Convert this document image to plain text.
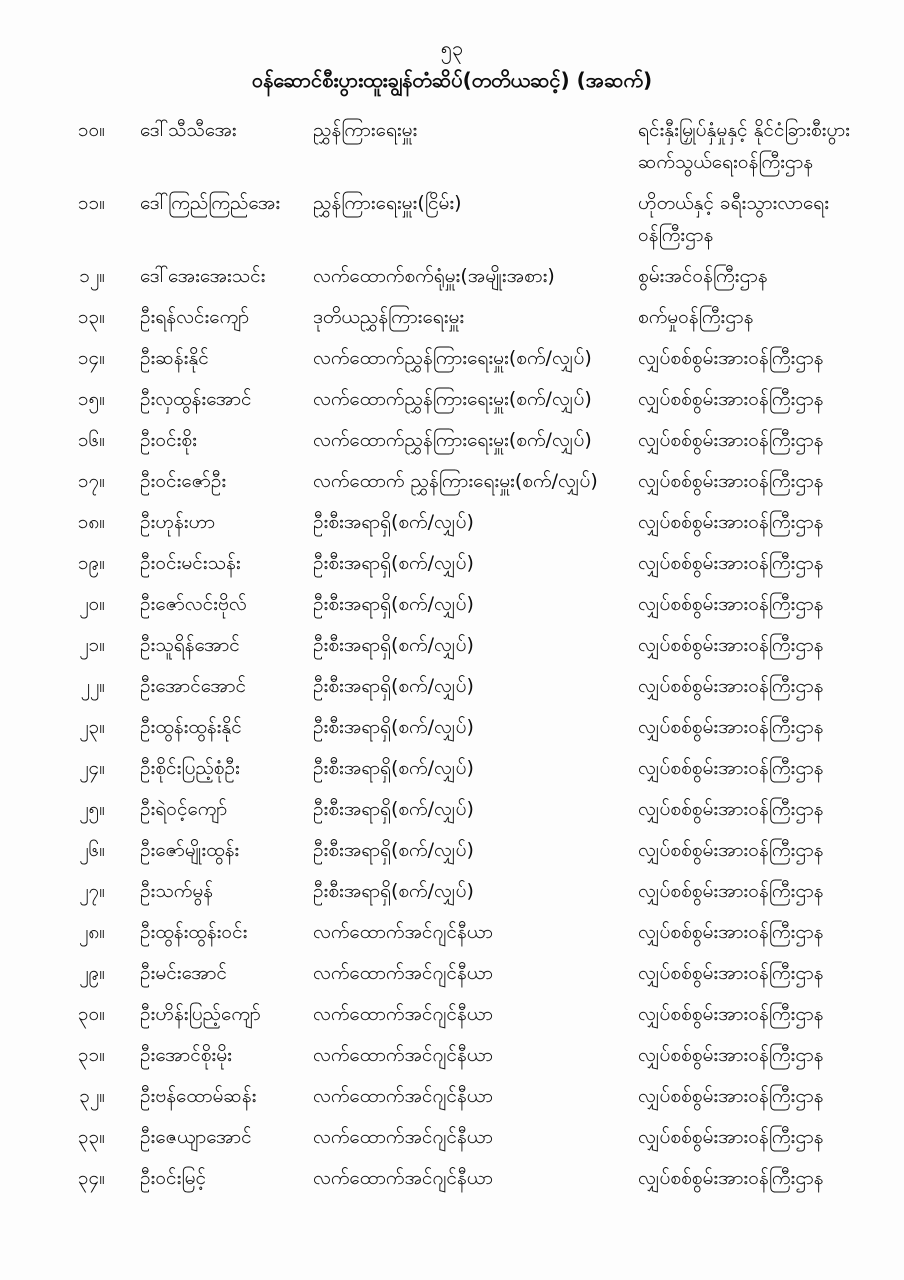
၅၃
ဝန်ဆောင်စီးပွားထူးချွန်တံဆိပ်(တတိယဆင့်) (အဆက်)
၁၀။	ဒေါ်သီသီအေး	ညွှန်ကြားရေးမှူး	ရင်းနှီးမြှုပ်နှံမှုနှင့် နိုင်ငံခြားစီးပွား
ဆက်သွယ်ရေးဝန်ကြီးဌာန
၁၁။	ဒေါ်ကြည်ကြည်အေး	ညွှန်ကြားရေးမှူး(ငြိမ်း)	ဟိုတယ်နှင့် ခရီးသွားလာရေး
ဝန်ကြီးဌာန
၁၂။	ဒေါ်အေးအေးသင်း	လက်ထောက်စက်ရုံမှူး(အမျိုးအစား)	စွမ်းအင်ဝန်ကြီးဌာန
၁၃။	ဦးရန်လင်းကျော်	ဒုတိယညွှန်ကြားရေးမှူး	စက်မှုဝန်ကြီးဌာန
၁၄။	ဦးဆန်းနိုင်	လက်ထောက်ညွှန်ကြားရေးမှူး(စက်/လျှပ်)	လျှပ်စစ်စွမ်းအားဝန်ကြီးဌာန
၁၅။	ဦးလှထွန်းအောင်	လက်ထောက်ညွှန်ကြားရေးမှူး(စက်/လျှပ်)	လျှပ်စစ်စွမ်းအားဝန်ကြီးဌာန
၁၆။	ဦးဝင်းစိုး	လက်ထောက်ညွှန်ကြားရေးမှူး(စက်/လျှပ်)	လျှပ်စစ်စွမ်းအားဝန်ကြီးဌာန
၁၇။	ဦးဝင်းဇော်ဦး	လက်ထောက် ညွှန်ကြားရေးမှူး(စက်/လျှပ်)	လျှပ်စစ်စွမ်းအားဝန်ကြီးဌာန
၁၈။	ဦးဟုန်းဟာ	ဦးစီးအရာရှိ(စက်/လျှပ်)	လျှပ်စစ်စွမ်းအားဝန်ကြီးဌာန
၁၉။	ဦးဝင်းမင်းသန်း	ဦးစီးအရာရှိ(စက်/လျှပ်)	လျှပ်စစ်စွမ်းအားဝန်ကြီးဌာန
၂၀။	ဦးဇော်လင်းဗိုလ်	ဦးစီးအရာရှိ(စက်/လျှပ်)	လျှပ်စစ်စွမ်းအားဝန်ကြီးဌာန
၂၁။	ဦးသူရိန်အောင်	ဦးစီးအရာရှိ(စက်/လျှပ်)	လျှပ်စစ်စွမ်းအားဝန်ကြီးဌာန
၂၂။	ဦးအောင်အောင်	ဦးစီးအရာရှိ(စက်/လျှပ်)	လျှပ်စစ်စွမ်းအားဝန်ကြီးဌာန
၂၃။	ဦးထွန်းထွန်းနိုင်	ဦးစီးအရာရှိ(စက်/လျှပ်)	လျှပ်စစ်စွမ်းအားဝန်ကြီးဌာန
၂၄။	ဦးစိုင်းပြည့်စုံဦး	ဦးစီးအရာရှိ(စက်/လျှပ်)	လျှပ်စစ်စွမ်းအားဝန်ကြီးဌာန
၂၅။	ဦးရဲဝင့်ကျော်	ဦးစီးအရာရှိ(စက်/လျှပ်)	လျှပ်စစ်စွမ်းအားဝန်ကြီးဌာန
၂၆။	ဦးဇော်မျိုးထွန်း	ဦးစီးအရာရှိ(စက်/လျှပ်)	လျှပ်စစ်စွမ်းအားဝန်ကြီးဌာန
၂၇။	ဦးသက်မွန်	ဦးစီးအရာရှိ(စက်/လျှပ်)	လျှပ်စစ်စွမ်းအားဝန်ကြီးဌာန
၂၈။	ဦးထွန်းထွန်းဝင်း	လက်ထောက်အင်ဂျင်နီယာ	လျှပ်စစ်စွမ်းအားဝန်ကြီးဌာန
၂၉။	ဦးမင်းအောင်	လက်ထောက်အင်ဂျင်နီယာ	လျှပ်စစ်စွမ်းအားဝန်ကြီးဌာန
၃၀။	ဦးဟိန်းပြည့်ကျော်	လက်ထောက်အင်ဂျင်နီယာ	လျှပ်စစ်စွမ်းအားဝန်ကြီးဌာန
၃၁။	ဦးအောင်စိုးမိုး	လက်ထောက်အင်ဂျင်နီယာ	လျှပ်စစ်စွမ်းအားဝန်ကြီးဌာန
၃၂။	ဦးဗန်ထောမ်ဆန်း	လက်ထောက်အင်ဂျင်နီယာ	လျှပ်စစ်စွမ်းအားဝန်ကြီးဌာန
၃၃။	ဦးဇေယျာအောင်	လက်ထောက်အင်ဂျင်နီယာ	လျှပ်စစ်စွမ်းအားဝန်ကြီးဌာန
၃၄။	ဦးဝင်းမြင့်	လက်ထောက်အင်ဂျင်နီယာ	လျှပ်စစ်စွမ်းအားဝန်ကြီးဌာန
